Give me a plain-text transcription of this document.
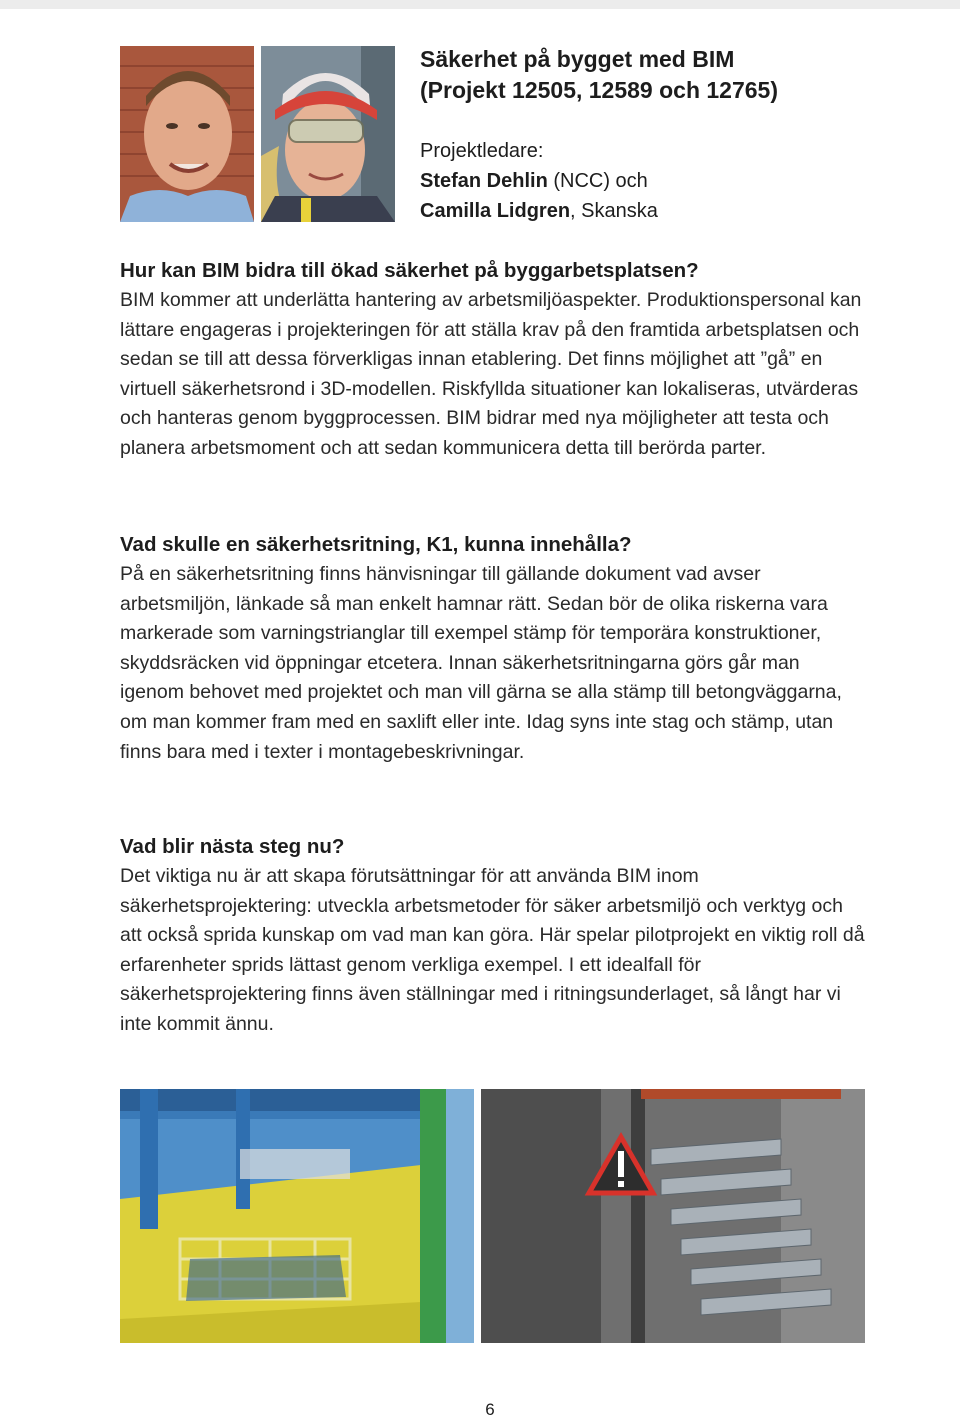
Säkerhet på bygget med BIM
(Projekt 12505, 12589 och 12765)
Projektledare:
Stefan Dehlin (NCC) och
Camilla Lidgren, Skanska
Hur kan BIM bidra till ökad säkerhet på byggarbetsplatsen?

BIM kommer att underlätta hantering av arbetsmiljöaspekter. Produktionspersonal kan lättare engageras i projekteringen för att ställa krav på den framtida arbetsplatsen och sedan se till att dessa förverkligas innan etablering. Det finns möjlighet att ”gå” en virtuell säkerhetsrond i 3D-modellen. Riskfyllda situationer kan lokaliseras, utvärderas och hanteras genom byggprocessen. BIM bidrar med nya möjligheter att testa och planera arbetsmoment och att sedan kommunicera detta till berörda parter.

Vad skulle en säkerhetsritning, K1, kunna innehålla?

På en säkerhetsritning finns hänvisningar till gällande dokument vad avser arbetsmiljön, länkade så man enkelt hamnar rätt. Sedan bör de olika riskerna vara markerade som varningstrianglar till exempel stämp för temporära konstruktioner, skyddsräcken vid öppningar etcetera. Innan säkerhetsritningarna görs går man igenom behovet med projektet och man vill gärna se alla stämp till betongväggarna, om man kommer fram med en saxlift eller inte. Idag syns inte stag och stämp, utan finns bara med i texter i montagebeskrivningar.

Vad blir nästa steg nu?

Det viktiga nu är att skapa förutsättningar för att använda BIM inom säkerhetsprojektering: utveckla arbetsmetoder för säker arbetsmiljö och verktyg och att också sprida kunskap om vad man kan göra. Här spelar pilotprojekt en viktig roll då erfarenheter sprids lättast genom verkliga exempel. I ett idealfall för säkerhetsprojektering finns även ställningar med i ritningsunderlaget, så långt har vi inte kommit ännu.

6
